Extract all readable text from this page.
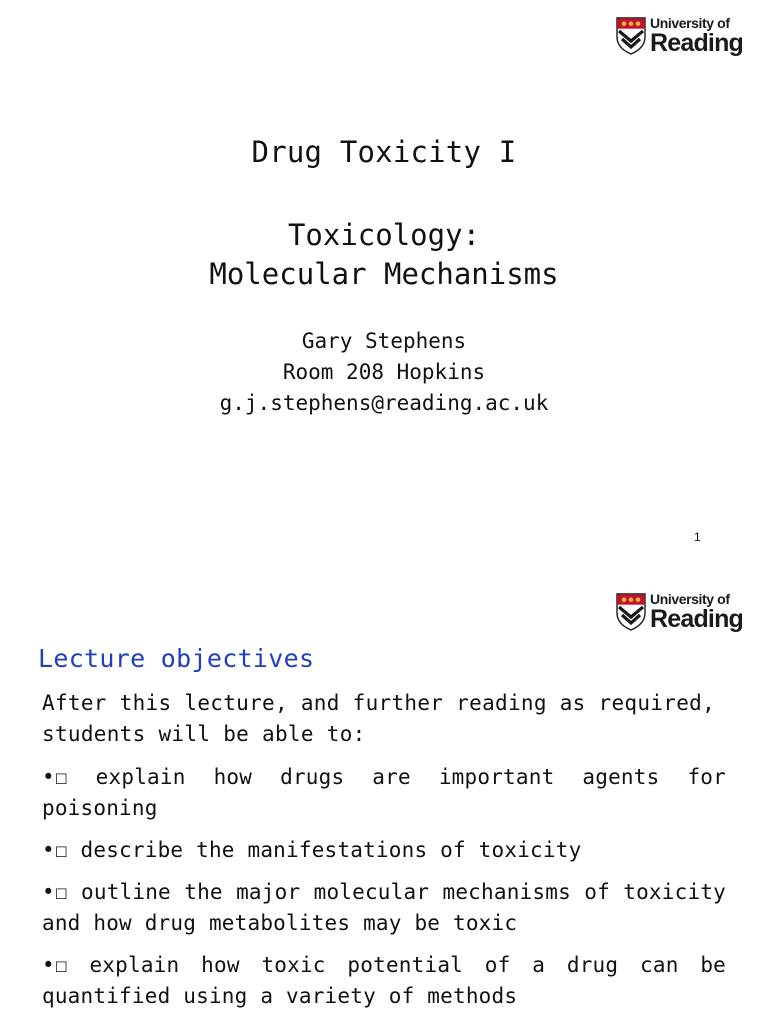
University of
Reading
Drug Toxicity I
Toxicology:
Molecular Mechanisms
Gary Stephens
Room 208 Hopkins
g.j.stephens@reading.ac.uk
1
University of
Reading
Lecture objectives
After this lecture, and further reading as required, students will be able to:
•☐ explain how drugs are important agents for poisoning
•☐ describe the manifestations of toxicity
•☐ outline the major molecular mechanisms of toxicity and how drug metabolites may be toxic
•☐ explain how toxic potential of a drug can be quantified using a variety of methods
